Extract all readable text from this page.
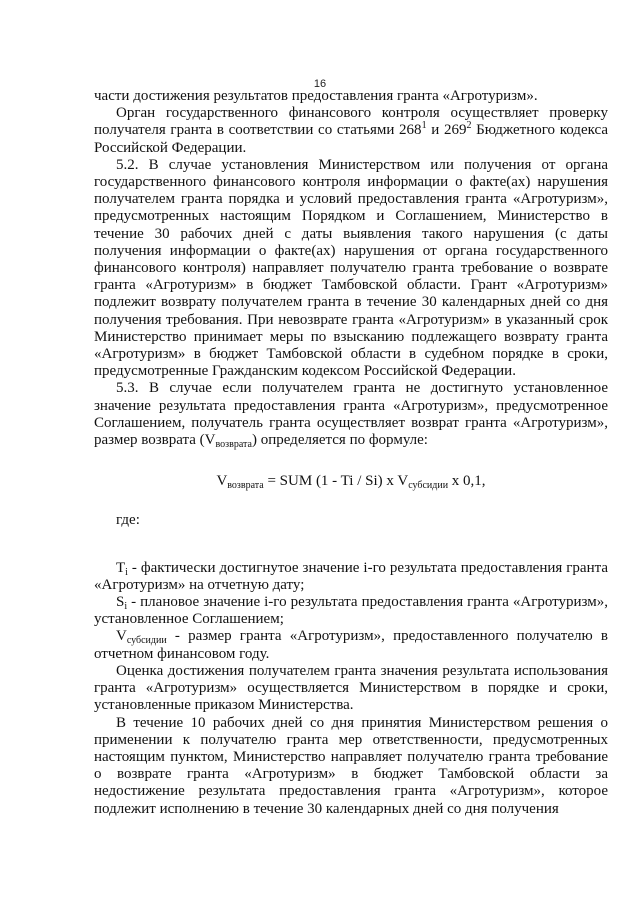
16

части достижения результатов предоставления гранта «Агротуризм».

Орган государственного финансового контроля осуществляет проверку получателя гранта в соответствии со статьями $268^1$ и $269^2$ Бюджетного кодекса Российской Федерации.

5.2. В случае установления Министерством или получения от органа государственного финансового контроля информации о факте(ах) нарушения получателем гранта порядка и условий предоставления гранта «Агротуризм», предусмотренных настоящим Порядком и Соглашением, Министерство в течение 30 рабочих дней с даты выявления такого нарушения (с даты получения информации о факте(ах) нарушения от органа государственного финансового контроля) направляет получателю гранта требование о возврате гранта «Агротуризм» в бюджет Тамбовской области. Грант «Агротуризм» подлежит возврату получателем гранта в течение 30 календарных дней со дня получения требования. При невозврате гранта «Агротуризм» в указанный срок Министерство принимает меры по взысканию подлежащего возврату гранта «Агротуризм» в бюджет Тамбовской области в судебном порядке в сроки, предусмотренные Гражданским кодексом Российской Федерации.

5.3. В случае если получателем гранта не достигнуто установленное значение результата предоставления гранта «Агротуризм», предусмотренное Соглашением, получатель гранта осуществляет возврат гранта «Агротуризм», размер возврата $(V_{возврата})$ определяется по формуле:

$V_{возврата}$ = SUM (1 - Ti / Si) x $V_{субсидии}$ x 0,1,

где:

$T_i$ - фактически достигнутое значение i-го результата предоставления гранта «Агротуризм» на отчетную дату;

$S_i$ - плановое значение i-го результата предоставления гранта «Агротуризм», установленное Соглашением;

$V_{субсидии}$ - размер гранта «Агротуризм», предоставленного получателю в отчетном финансовом году.

Оценка достижения получателем гранта значения результата использования гранта «Агротуризм» осуществляется Министерством в порядке и сроки, установленные приказом Министерства.

В течение 10 рабочих дней со дня принятия Министерством решения о применении к получателю гранта мер ответственности, предусмотренных настоящим пунктом, Министерство направляет получателю гранта требование о возврате гранта «Агротуризм» в бюджет Тамбовской области за недостижение результата предоставления гранта «Агротуризм», которое подлежит исполнению в течение 30 календарных дней со дня получения
